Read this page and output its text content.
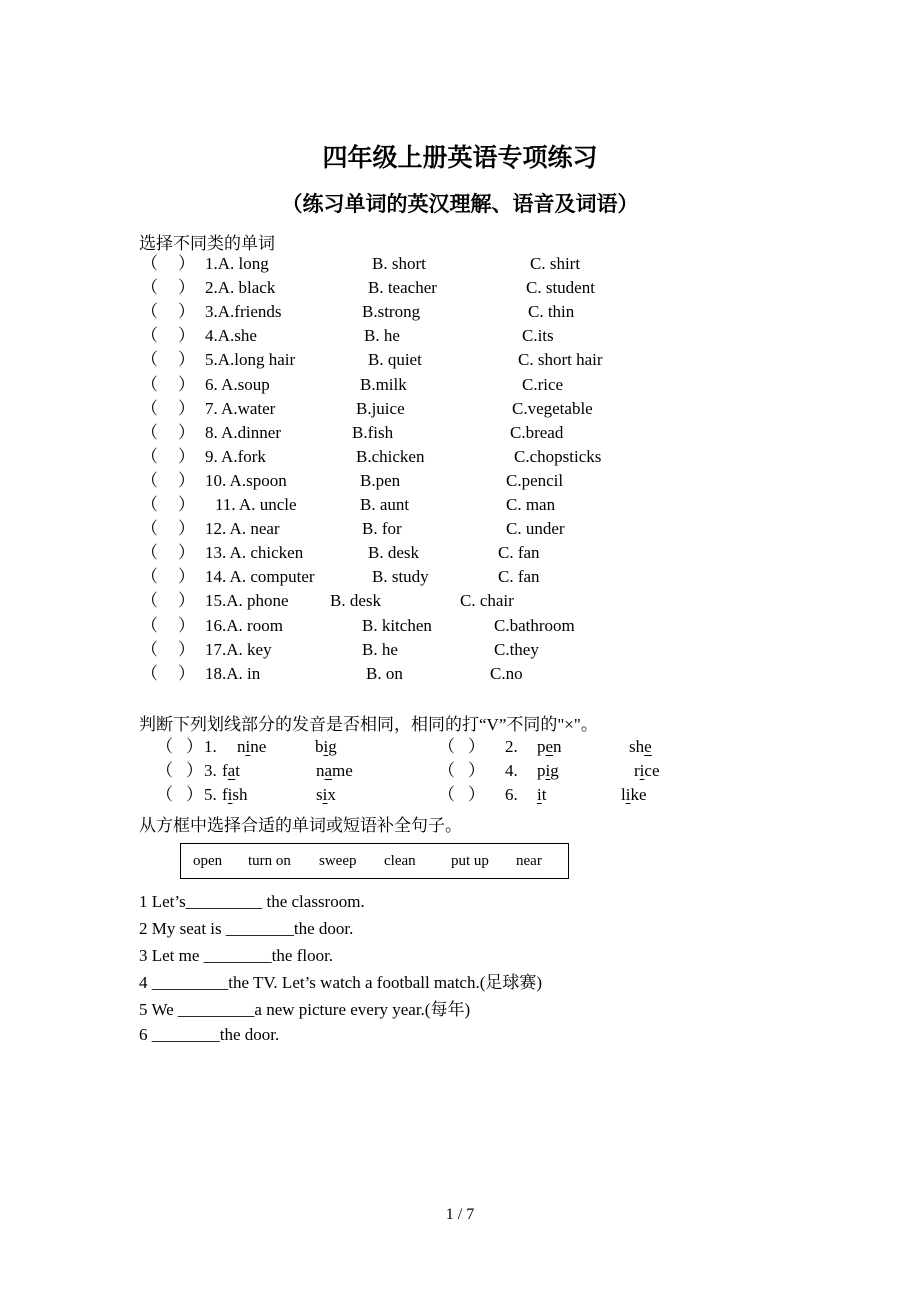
四年级上册英语专项练习
（练习单词的英汉理解、语音及词语）
选择不同类的单词
（ ） 1.A. long	B. short	C. shirt
（ ） 2.A. black	B. teacher	C. student
（ ） 3.A.friends	B.strong	C. thin
（ ） 4.A.she	B. he	C.its
（ ） 5.A.long hair	B. quiet	C. short hair
（ ） 6. A.soup	B.milk	C.rice
（ ） 7. A.water	B.juice	C.vegetable
（ ） 8. A.dinner	B.fish	C.bread
（ ） 9. A.fork	B.chicken	C.chopsticks
（ ） 10. A.spoon	B.pen	C.pencil
（ ） 11. A. uncle	B. aunt	C. man
（ ） 12. A. near	B. for	C. under
（ ） 13. A. chicken	B. desk	C. fan
（ ） 14. A. computer	B. study	C. fan
（ ） 15.A. phone B. desk	C. chair
（ ） 16.A. room	B. kitchen	C.bathroom
（ ） 17.A. key	B. he	C.they
（ ） 18.A. in	B. on	C.no
判断下列划线部分的发音是否相同，相同的打“V”不同的"×"。
（ ） 1. nine	big	（ ） 2. pen	she
（ ） 3. fat	name	（ ） 4. pig	rice
（ ） 5. fish	six	（ ） 6. it	like
从方框中选择合适的单词或短语补全句子。
open turn on sweep clean put up near
1 Let’s_________ the classroom.
2 My seat is ________the door.
3 Let me ________the floor.
4 _________the TV. Let’s watch a football match.(足球赛)
5 We _________a new picture every year.(每年)
6 ________the door.
1 / 7
